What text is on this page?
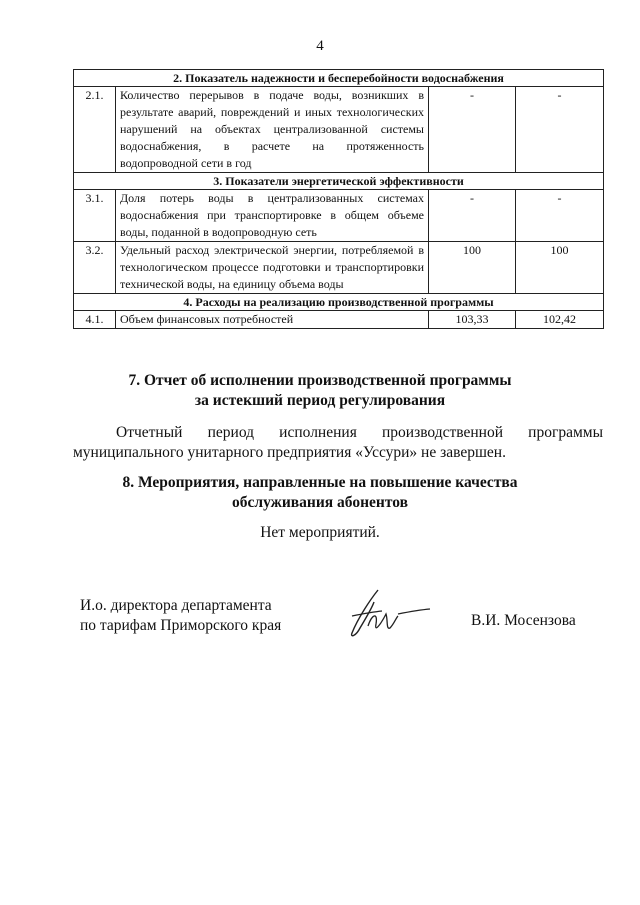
4
2. Показатель надежности и бесперебойности водоснабжения			
2.1.	Количество перерывов в подаче воды, возникших в результате аварий, повреждений и иных технологических нарушений на объектах централизованной системы водоснабжения, в расчете на протяженность водопроводной сети в год	-	-
3. Показатели энергетической эффективности			
3.1.	Доля потерь воды в централизованных системах водоснабжения при транспортировке в общем объеме воды, поданной в водопроводную сеть	-	-
3.2.	Удельный расход электрической энергии, потребляемой в технологическом процессе подготовки и транспортировки технической воды, на единицу объема воды	100	100
4. Расходы на реализацию производственной программы			
4.1.	Объем финансовых потребностей	103,33	102,42
7. Отчет об исполнении производственной программы
за истекший период регулирования
Отчетный период исполнения производственной программы
муниципального унитарного предприятия «Уссури» не завершен.
8. Мероприятия, направленные на повышение качества
обслуживания абонентов
Нет мероприятий.
И.о. директора департамента
по тарифам Приморского края	В.И. Мосензова
